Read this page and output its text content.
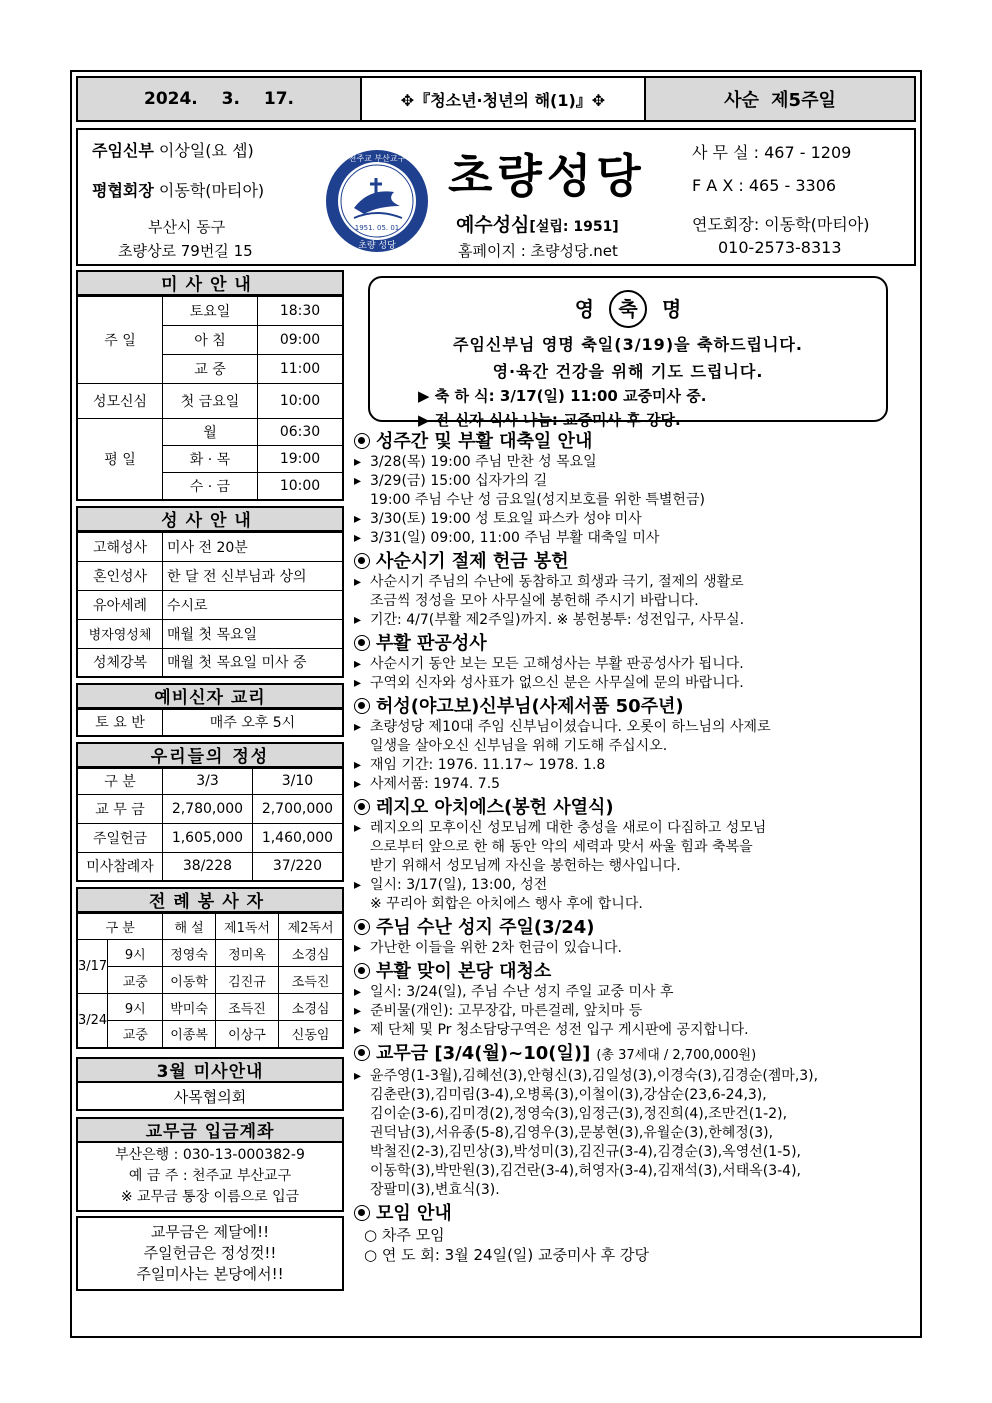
2024. 3. 17.	✥『청소년·청년의 해(1)』✥	사순 제5주일
주임신부 이상일(요 셉)
평협회장 이동학(마티아)
부산시 동구
초량상로 79번길 15
천주교 부산교구
1951. 05. 01
초량 성당
초량성당
예수성심[설립: 1951]
홈페이지 : 초량성당.net
사 무 실 : 467 - 1209
F A X : 465 - 3306
연도회장: 이동학(마티아)
010-2573-8313
미사안내
주 일	토요일	18:30
	아 침	09:00
	교 중	11:00
성모신심	첫 금요일	10:00
평 일	월	06:30
	화 · 목	19:00
	수 · 금	10:00
성사안내
고해성사	미사 전 20분
혼인성사	한 달 전 신부님과 상의
유아세례	수시로
병자영성체	매월 첫 목요일
성체강복	매월 첫 목요일 미사 중
예비신자 교리
토 요 반	매주 오후 5시
우리들의 정성
구 분	3/3	3/10
교 무 금	2,780,000	2,700,000
주일헌금	1,605,000	1,460,000
미사참례자	38/228	37/220
전례봉사자
구 분		해 설	제1독서	제2독서
3/17	9시	정영숙	정미옥	소경심
	교중	이동학	김진규	조득진
3/24	9시	박미숙	조득진	소경심
	교중	이종복	이상구	신동임
3월 미사안내
사목협의회
교무금 입금계좌
부산은행 : 030-13-000382-9
예 금 주 : 천주교 부산교구
※ 교무금 통장 이름으로 입금
교무금은 제달에!!
주일헌금은 정성껏!!
주일미사는 본당에서!!
영 축 명
주임신부님 영명 축일(3/19)을 축하드립니다.
영·육간 건강을 위해 기도 드립니다.
▶ 축 하 식: 3/17(일) 11:00 교중미사 중.
▶ 전 신자 식사 나눔: 교중미사 후 강당.
성주간 및 부활 대축일 안내
▸ 3/28(목) 19:00 주님 만찬 성 목요일
▸ 3/29(금) 15:00 십자가의 길
19:00 주님 수난 성 금요일(성지보호를 위한 특별헌금)
▸ 3/30(토) 19:00 성 토요일 파스카 성야 미사
▸ 3/31(일) 09:00, 11:00 주님 부활 대축일 미사
사순시기 절제 헌금 봉헌
▸ 사순시기 주님의 수난에 동참하고 희생과 극기, 절제의 생활로
조금씩 정성을 모아 사무실에 봉헌해 주시기 바랍니다.
▸ 기간: 4/7(부활 제2주일)까지. ※ 봉헌봉투: 성전입구, 사무실.
부활 판공성사
▸ 사순시기 동안 보는 모든 고해성사는 부활 판공성사가 됩니다.
▸ 구역외 신자와 성사표가 없으신 분은 사무실에 문의 바랍니다.
허성(야고보)신부님(사제서품 50주년)
▸ 초량성당 제10대 주임 신부님이셨습니다. 오롯이 하느님의 사제로
일생을 살아오신 신부님을 위해 기도해 주십시오.
▸ 재임 기간: 1976. 11.17~ 1978. 1.8
▸ 사제서품: 1974. 7.5
레지오 아치에스(봉헌 사열식)
▸ 레지오의 모후이신 성모님께 대한 충성을 새로이 다짐하고 성모님
으로부터 앞으로 한 해 동안 악의 세력과 맞서 싸울 힘과 축복을
받기 위해서 성모님께 자신을 봉헌하는 행사입니다.
▸ 일시: 3/17(일), 13:00, 성전
※ 꾸리아 회합은 아치에스 행사 후에 합니다.
주님 수난 성지 주일(3/24)
▸ 가난한 이들을 위한 2차 헌금이 있습니다.
부활 맞이 본당 대청소
▸ 일시: 3/24(일), 주님 수난 성지 주일 교중 미사 후
▸ 준비물(개인): 고무장갑, 마른걸레, 앞치마 등
▸ 제 단체 및 Pr 청소담당구역은 성전 입구 게시판에 공지합니다.
교무금 [3/4(월)~10(일)] (총 37세대 / 2,700,000원)
▸ 윤주영(1-3월),김혜선(3),안형신(3),김일성(3),이경숙(3),김경순(젬마,3),
김춘란(3),김미림(3-4),오병록(3),이철이(3),강삼순(23,6-24,3),
김이순(3-6),김미경(2),정영숙(3),임정근(3),정진희(4),조만건(1-2),
권덕남(3),서유종(5-8),김영우(3),문봉현(3),유월순(3),한혜정(3),
박철진(2-3),김민상(3),박성미(3),김진규(3-4),김경순(3),옥영선(1-5),
이동학(3),박만원(3),김건란(3-4),허영자(3-4),김재석(3),서태옥(3-4),
장팔미(3),변효식(3).
모임 안내
○ 차주 모임
○ 연 도 회: 3월 24일(일) 교중미사 후 강당
